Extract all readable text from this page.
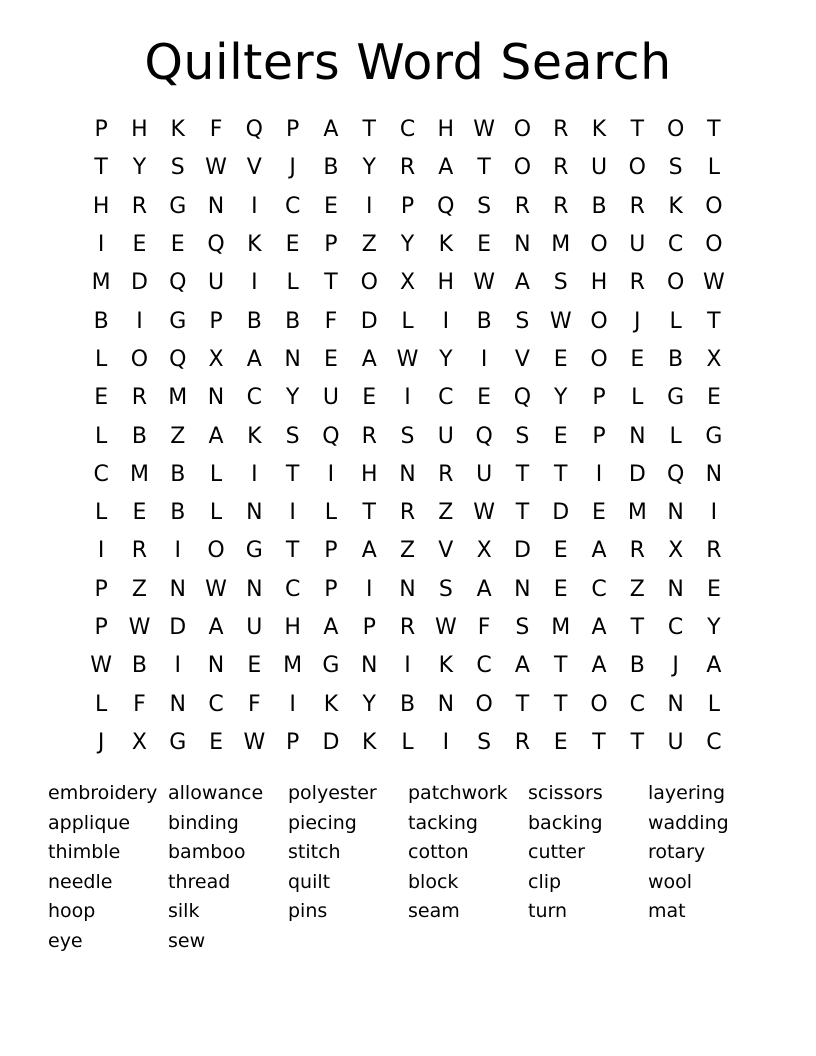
Quilters Word Search
P	H	K	F	Q	P	A	T	C	H W O R	K	T	O	T
T	Y	S W V	J	B	Y	R	A	T	O R	U O	S	L
H	R	G N	I	C	E	I	P	Q	S	R	R	B	R	K	O
I	E	E	Q	K	E	P	Z	Y	K	E	N M O U	C O
M D Q U	I	L	T	O	X	H W A	S	H	R O W
B	I	G	P	B	B	F	D	L	I	B	S W O	J	L	T
L	O Q	X	A	N	E	A W Y	I	V	E	O	E	B	X
E	R M N	C	Y	U	E	I	C	E	Q	Y	P	L	G	E
L	B	Z	A	K	S	Q R	S	U Q	S	E	P	N	L	G
C M B	L	I	T	I	H N	R	U	T	T	I	D Q N
L	E	B	L	N	I	L	T	R	Z W T	D	E M N	I
I	R	I	O G	T	P	A	Z	V	X	D	E	A	R	X	R
P	Z	N W N	C	P	I	N	S	A	N	E	C	Z	N	E
P W D	A	U H	A	P	R W F	S M A	T	C	Y
W B	I	N	E M G N	I	K	C	A	T	A	B	J	A
L	F	N	C	F	I	K	Y	B	N O	T	T	O C	N	L
J	X	G	E W P	D	K	L	I	S	R	E	T	T	U	C
embroidery allowance	polyester	patchwork	scissors	layering
applique	binding	piecing	tacking	backing	wadding
thimble	bamboo	stitch	cotton	cutter	rotary
needle	thread	quilt	block	clip	wool
hoop	silk	pins	seam	turn	mat
eye	sew
